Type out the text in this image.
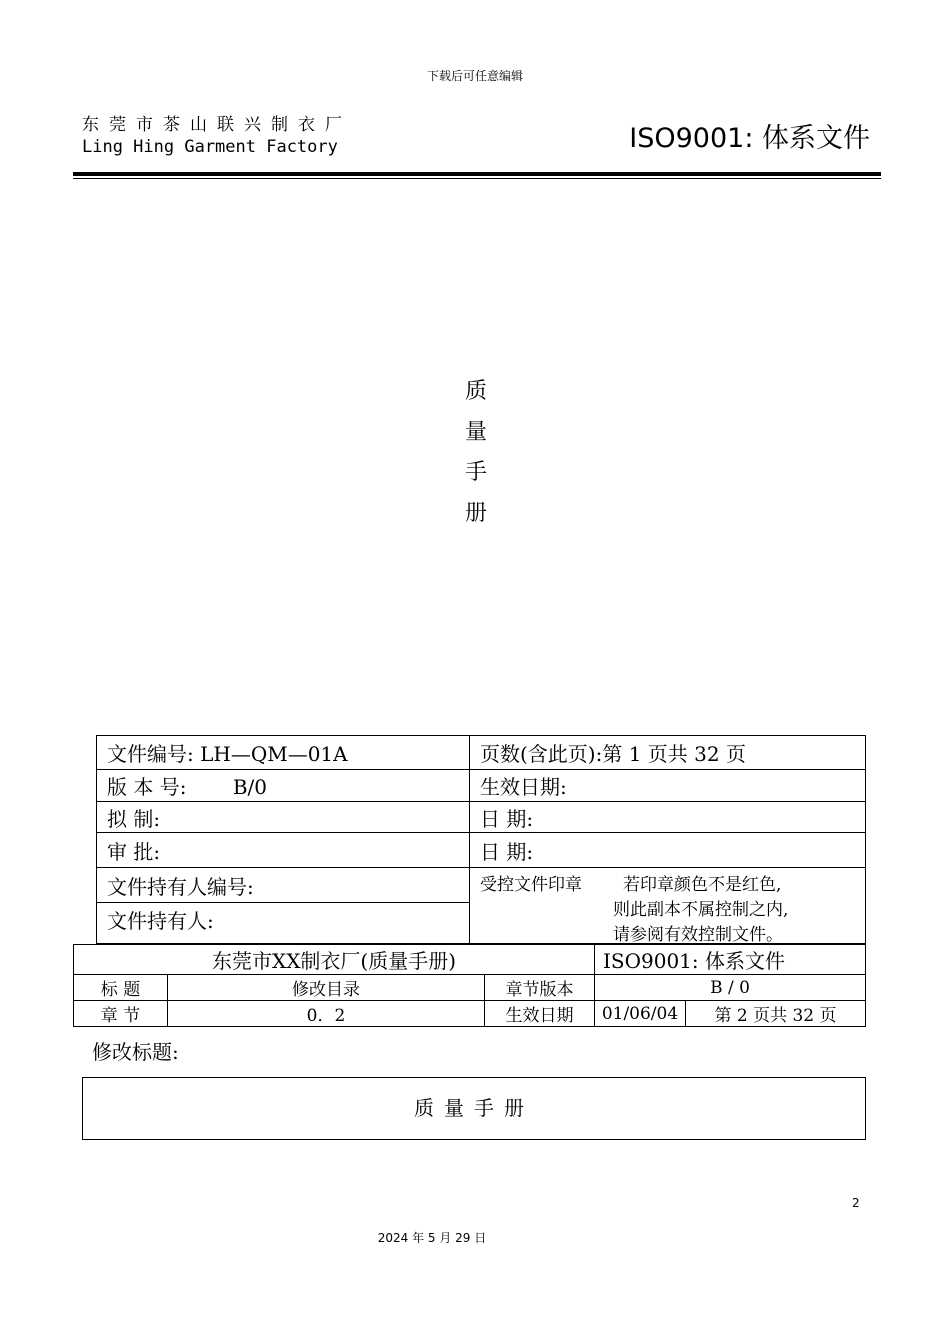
下载后可任意编辑
东莞市茶山联兴制衣厂
Ling Hing Garment Factory	ISO9001: 体系文件
质
量
手
册
文件编号: LH—QM—01A	页数(含此页):第 1 页共 32 页
版 本 号: B/0	生效日期:
拟 制:	日 期:
审 批:	日 期:
文件持有人编号:	受控文件印章 若印章颜色不是红色,
则此副本不属控制之内,
请参阅有效控制文件。

文件持有人:	
东莞市XX制衣厂(质量手册)			ISO9001: 体系文件	
标 题	修改目录	章节版本	B / 0	
章 节	0．2	生效日期	01/06/04	第 2 页共 32 页
修改标题:
质量手册
2
2024 年 5 月 29 日
